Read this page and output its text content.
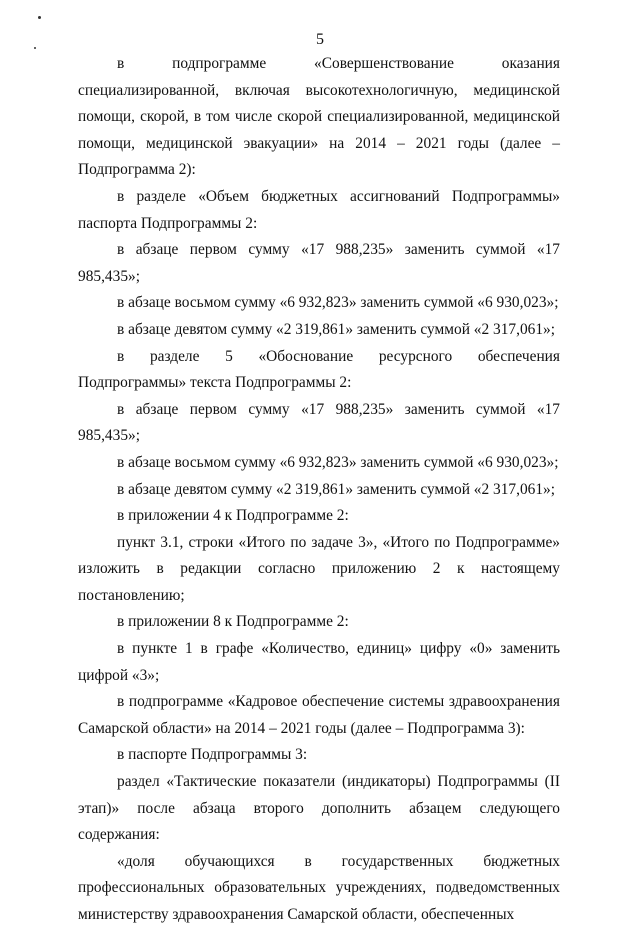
5

в подпрограмме «Совершенствование оказания специализированной, включая высокотехнологичную, медицинской помощи, скорой, в том числе скорой специализированной, медицинской помощи, медицинской эвакуации» на 2014 – 2021 годы (далее – Подпрограмма 2):

в разделе «Объем бюджетных ассигнований Подпрограммы» паспорта Подпрограммы 2:

в абзаце первом сумму «17 988,235» заменить суммой «17 985,435»;

в абзаце восьмом сумму «6 932,823» заменить суммой «6 930,023»;

в абзаце девятом сумму «2 319,861» заменить суммой «2 317,061»;

в разделе 5 «Обоснование ресурсного обеспечения Подпрограммы» текста Подпрограммы 2:

в абзаце первом сумму «17 988,235» заменить суммой «17 985,435»;

в абзаце восьмом сумму «6 932,823» заменить суммой «6 930,023»;

в абзаце девятом сумму «2 319,861» заменить суммой «2 317,061»;

в приложении 4 к Подпрограмме 2:

пункт 3.1, строки «Итого по задаче 3», «Итого по Подпрограмме» изложить в редакции согласно приложению 2 к настоящему постановлению;

в приложении 8 к Подпрограмме 2:

в пункте 1 в графе «Количество, единиц» цифру «0» заменить цифрой «3»;

в подпрограмме «Кадровое обеспечение системы здравоохранения Самарской области» на 2014 – 2021 годы (далее – Подпрограмма 3):

в паспорте Подпрограммы 3:

раздел «Тактические показатели (индикаторы) Подпрограммы (II этап)» после абзаца второго дополнить абзацем следующего содержания:

«доля обучающихся в государственных бюджетных профессиональных образовательных учреждениях, подведомственных министерству здравоохранения Самарской области, обеспеченных
